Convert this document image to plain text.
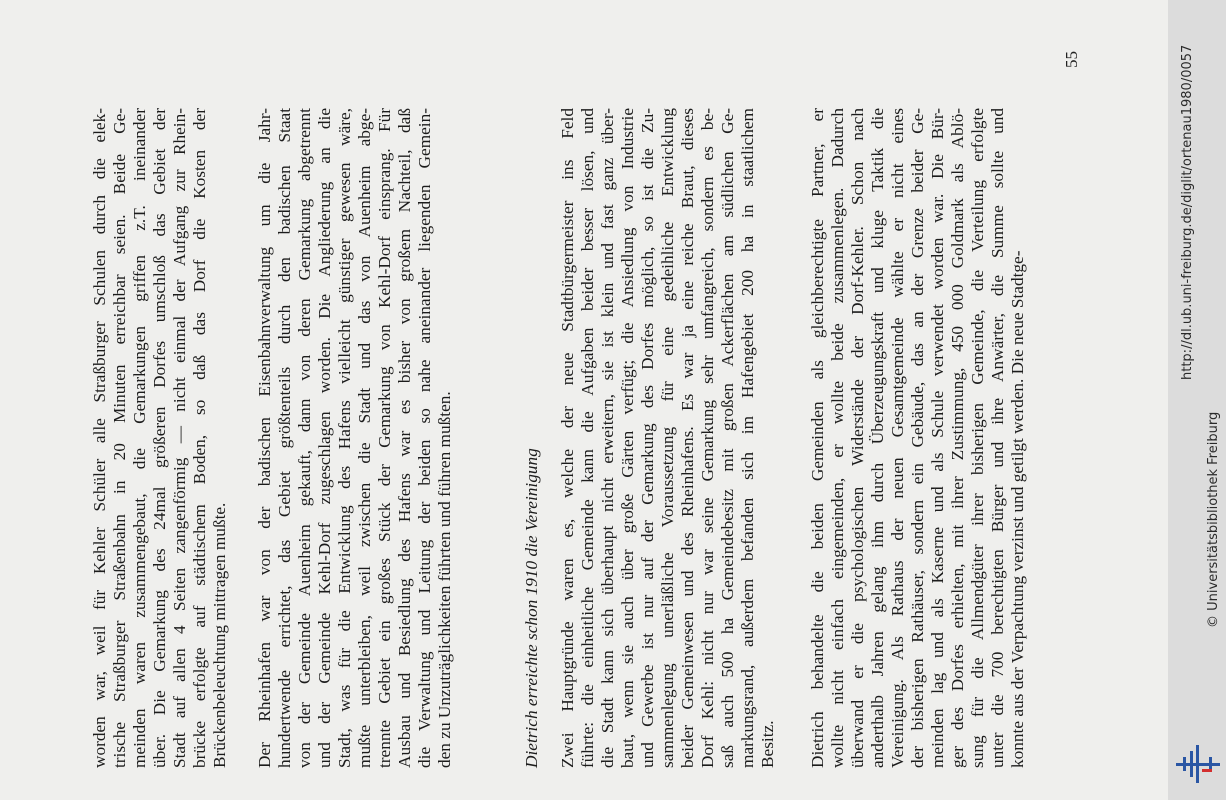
worden war, weil für Kehler Schüler alle Straßburger Schulen durch die elek- trische Straßburger Straßenbahn in 20 Minuten erreichbar seien. Beide Ge- meinden waren zusammengebaut, die Gemarkungen griffen z.T. ineinander über. Die Gemarkung des 24mal größeren Dorfes umschloß das Gebiet der Stadt auf allen 4 Seiten zangenförmig — nicht einmal der Aufgang zur Rhein- brücke erfolgte auf städtischem Boden, so daß das Dorf die Kosten der Brückenbeleuchtung mittragen mußte. Der Rheinhafen war von der badischen Eisenbahnverwaltung um die Jahr- hundertwende errichtet, das Gebiet größtenteils durch den badischen Staat von der Gemeinde Auenheim gekauft, dann von deren Gemarkung abgetrennt und der Gemeinde Kehl-Dorf zugeschlagen worden. Die Angliederung an die Stadt, was für die Entwicklung des Hafens vielleicht günstiger gewesen wäre, mußte unterbleiben, weil zwischen die Stadt und das von Auenheim abge- trennte Gebiet ein großes Stück der Gemarkung von Kehl-Dorf einsprang. Für Ausbau und Besiedlung des Hafens war es bisher von großem Nachteil, daß die Verwaltung und Leitung der beiden so nahe aneinander liegenden Gemein- den zu Unzuträglichkeiten führten und führen mußten.	Dietrich erreichte schon 1910 die Vereinigung Zwei Hauptgründe waren es, welche der neue Stadtbürgermeister ins Feld führte: die einheitliche Gemeinde kann die Aufgaben beider besser lösen, und die Stadt kann sich überhaupt nicht erweitern, sie ist klein und fast ganz über- baut, wenn sie auch über große Gärten verfügt; die Ansiedlung von Industrie und Gewerbe ist nur auf der Gemarkung des Dorfes möglich, so ist die Zu- sammenlegung unerläßliche Voraussetzung für eine gedeihliche Entwicklung beider Gemeinwesen und des Rheinhafens. Es war ja eine reiche Braut, dieses Dorf Kehl: nicht nur war seine Gemarkung sehr umfangreich, sondern es be- saß auch 500 ha Gemeindebesitz mit großen Ackerflächen am südlichen Ge- markungsrand, außerdem befanden sich im Hafengebiet 200 ha in staatlichem Besitz. Dietrich behandelte die beiden Gemeinden als gleichberechtigte Partner, er wollte nicht einfach eingemeinden, er wollte beide zusammenlegen. Dadurch überwand er die psychologischen Widerstände der Dorf-Kehler. Schon nach anderthalb Jahren gelang ihm durch Überzeugungskraft und kluge Taktik die Vereinigung. Als Rathaus der neuen Gesamtgemeinde wählte er nicht eines der bisherigen Rathäuser, sondern ein Gebäude, das an der Grenze beider Ge- meinden lag und als Kaserne und als Schule verwendet worden war. Die Bür- ger des Dorfes erhielten, mit ihrer Zustimmung, 450 000 Goldmark als Ablö- sung für die Allmendgüter ihrer bisherigen Gemeinde, die Verteilung erfolgte unter die 700 berechtigten Bürger und ihre Anwärter, die Summe sollte und konnte aus der Verpachtung verzinst und getilgt werden. Die neue Stadtge-
55	http://dl.ub.uni-freiburg.de/diglit/ortenau1980/0057
© Universitätsbibliothek Freiburg
